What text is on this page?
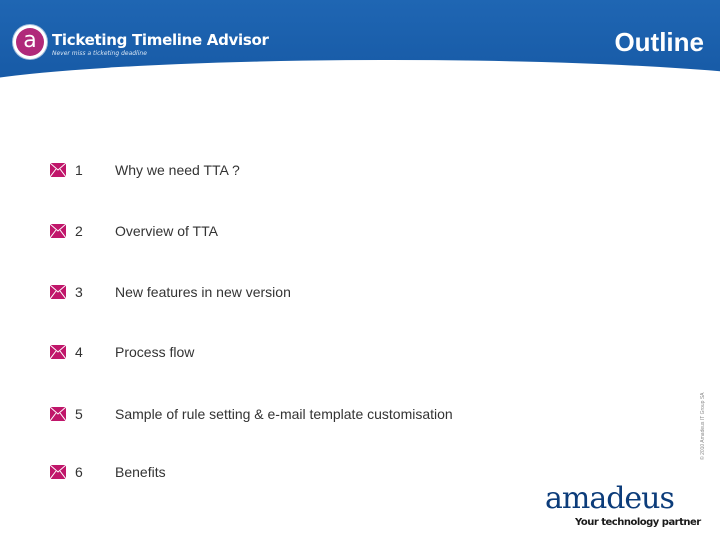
a	Ticketing Timeline Advisor
Never miss a ticketing deadline	Outline
1 Why we need TTA ?
2 Overview of TTA
3 New features in new version
4 Process flow
5 Sample of rule setting & e-mail template customisation
6 Benefits
© 2010 Amadeus IT Group SA
amadeus
Your technology partner
